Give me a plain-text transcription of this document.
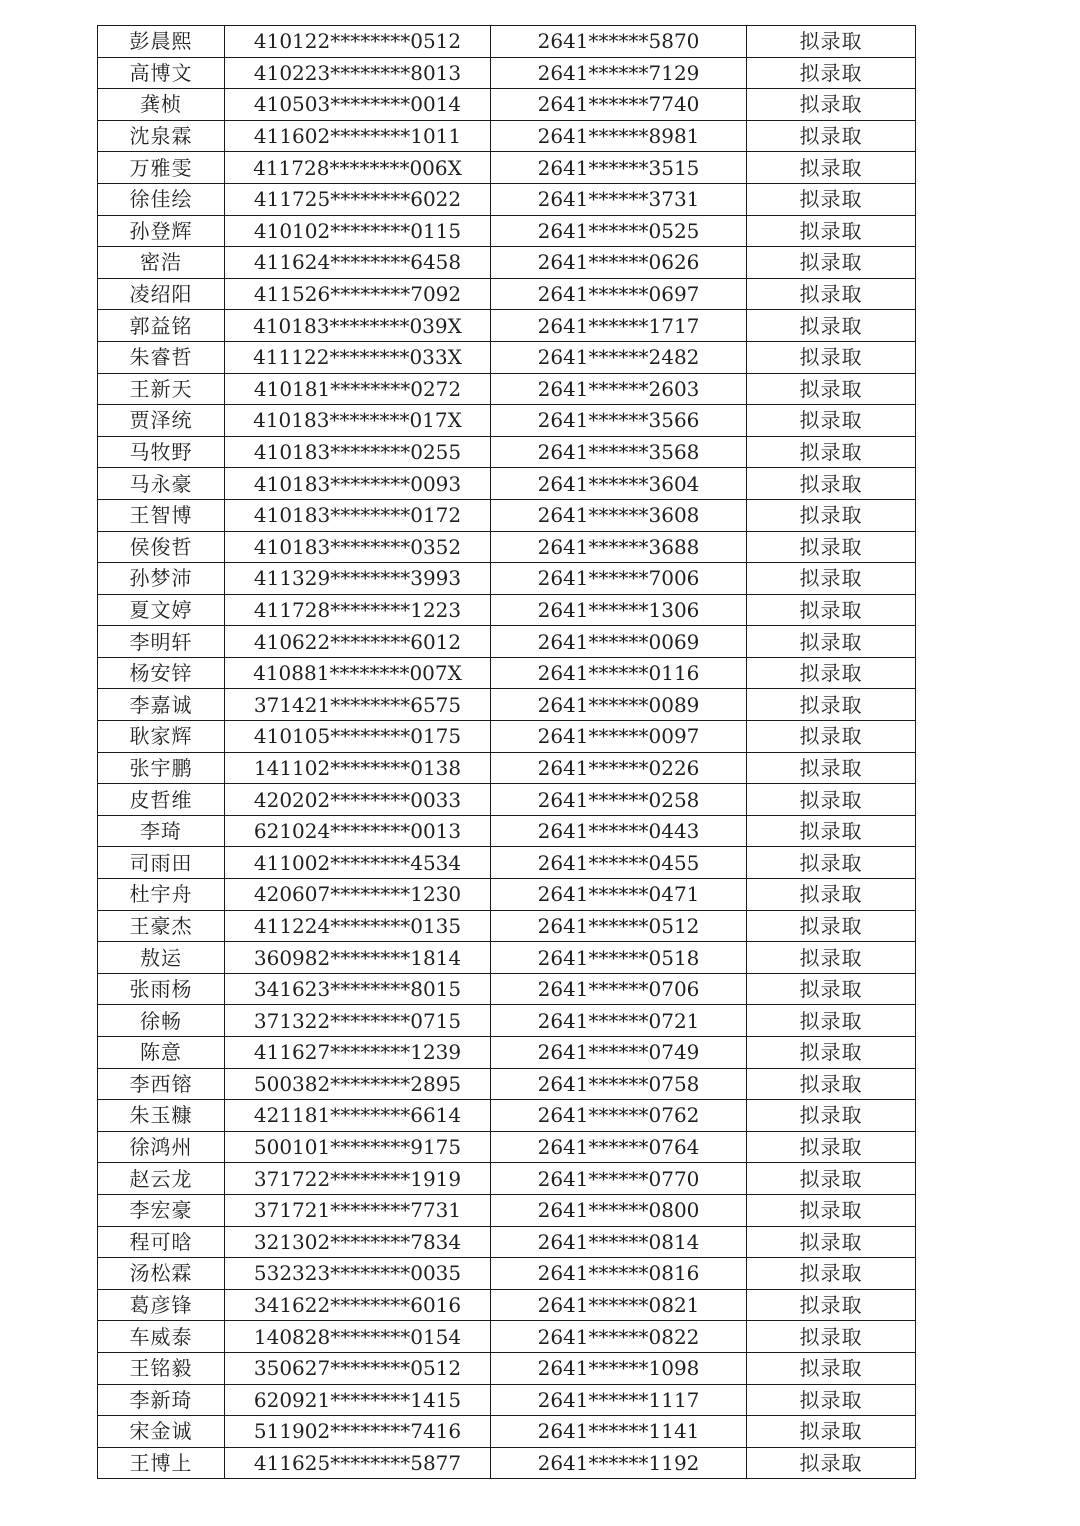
彭晨熙	410122********0512	2641******5870	拟录取
高博文	410223********8013	2641******7129	拟录取
龚桢	410503********0014	2641******7740	拟录取
沈泉霖	411602********1011	2641******8981	拟录取
万雅雯	411728********006X	2641******3515	拟录取
徐佳绘	411725********6022	2641******3731	拟录取
孙登辉	410102********0115	2641******0525	拟录取
密浩	411624********6458	2641******0626	拟录取
凌绍阳	411526********7092	2641******0697	拟录取
郭益铭	410183********039X	2641******1717	拟录取
朱睿哲	411122********033X	2641******2482	拟录取
王新天	410181********0272	2641******2603	拟录取
贾泽统	410183********017X	2641******3566	拟录取
马牧野	410183********0255	2641******3568	拟录取
马永豪	410183********0093	2641******3604	拟录取
王智博	410183********0172	2641******3608	拟录取
侯俊哲	410183********0352	2641******3688	拟录取
孙梦沛	411329********3993	2641******7006	拟录取
夏文婷	411728********1223	2641******1306	拟录取
李明轩	410622********6012	2641******0069	拟录取
杨安锌	410881********007X	2641******0116	拟录取
李嘉诚	371421********6575	2641******0089	拟录取
耿家辉	410105********0175	2641******0097	拟录取
张宇鹏	141102********0138	2641******0226	拟录取
皮哲维	420202********0033	2641******0258	拟录取
李琦	621024********0013	2641******0443	拟录取
司雨田	411002********4534	2641******0455	拟录取
杜宇舟	420607********1230	2641******0471	拟录取
王豪杰	411224********0135	2641******0512	拟录取
敖运	360982********1814	2641******0518	拟录取
张雨杨	341623********8015	2641******0706	拟录取
徐畅	371322********0715	2641******0721	拟录取
陈意	411627********1239	2641******0749	拟录取
李西镕	500382********2895	2641******0758	拟录取
朱玉糠	421181********6614	2641******0762	拟录取
徐鸿州	500101********9175	2641******0764	拟录取
赵云龙	371722********1919	2641******0770	拟录取
李宏豪	371721********7731	2641******0800	拟录取
程可晗	321302********7834	2641******0814	拟录取
汤松霖	532323********0035	2641******0816	拟录取
葛彦锋	341622********6016	2641******0821	拟录取
车威泰	140828********0154	2641******0822	拟录取
王铭毅	350627********0512	2641******1098	拟录取
李新琦	620921********1415	2641******1117	拟录取
宋金诚	511902********7416	2641******1141	拟录取
王博上	411625********5877	2641******1192	拟录取
